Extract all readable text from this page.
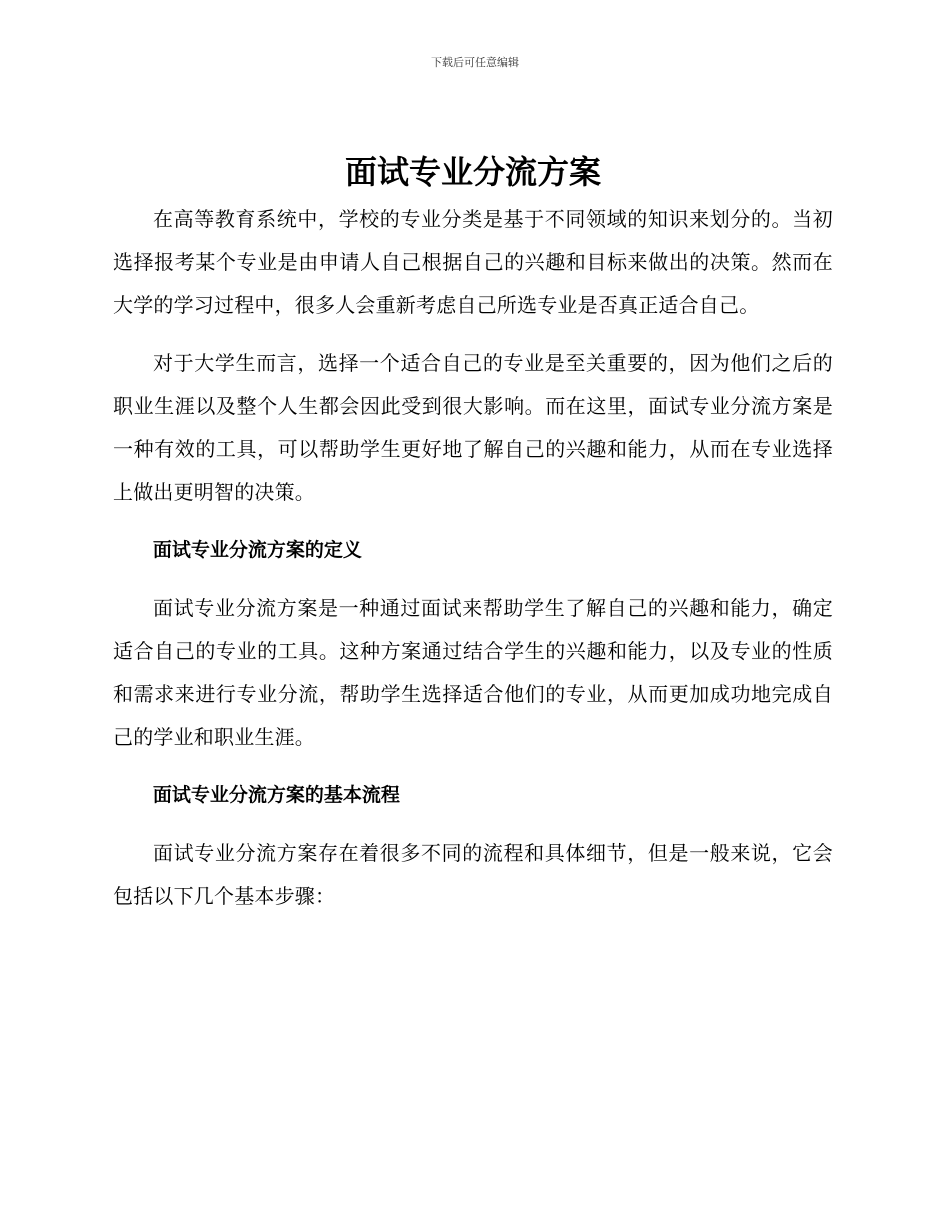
下载后可任意编辑
面试专业分流方案

在高等教育系统中，学校的专业分类是基于不同领域的知识来划分的。当初选择报考某个专业是由申请人自己根据自己的兴趣和目标来做出的决策。然而在大学的学习过程中，很多人会重新考虑自己所选专业是否真正适合自己。

对于大学生而言，选择一个适合自己的专业是至关重要的，因为他们之后的职业生涯以及整个人生都会因此受到很大影响。而在这里，面试专业分流方案是一种有效的工具，可以帮助学生更好地了解自己的兴趣和能力，从而在专业选择上做出更明智的决策。

面试专业分流方案的定义

面试专业分流方案是一种通过面试来帮助学生了解自己的兴趣和能力，确定适合自己的专业的工具。这种方案通过结合学生的兴趣和能力，以及专业的性质和需求来进行专业分流，帮助学生选择适合他们的专业，从而更加成功地完成自己的学业和职业生涯。

面试专业分流方案的基本流程

面试专业分流方案存在着很多不同的流程和具体细节，但是一般来说，它会包括以下几个基本步骤：
